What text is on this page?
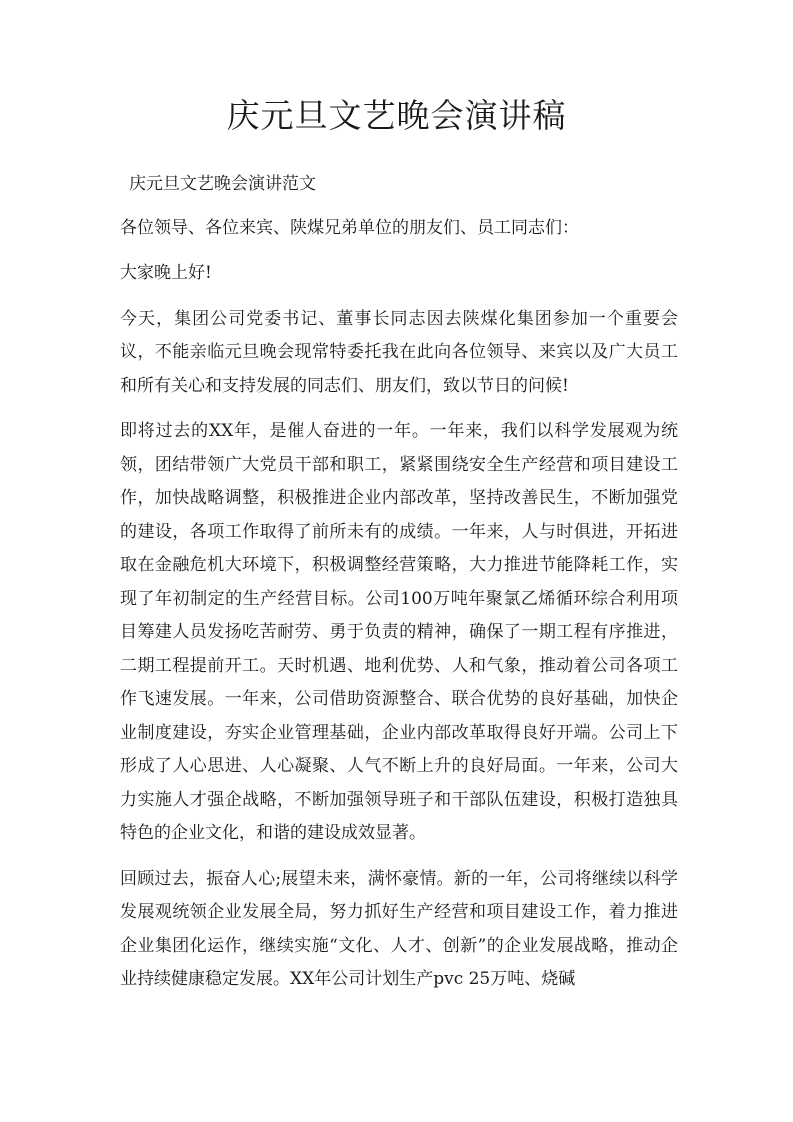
庆元旦文艺晚会演讲稿

庆元旦文艺晚会演讲范文

各位领导、各位来宾、陕煤兄弟单位的朋友们、员工同志们：

大家晚上好!

今天，集团公司党委书记、董事长同志因去陕煤化集团参加一个重要会议，不能亲临元旦晚会现常特委托我在此向各位领导、来宾以及广大员工和所有关心和支持发展的同志们、朋友们，致以节日的问候!

即将过去的XX年，是催人奋进的一年。一年来，我们以科学发展观为统领，团结带领广大党员干部和职工，紧紧围绕安全生产经营和项目建设工作，加快战略调整，积极推进企业内部改革，坚持改善民生，不断加强党的建设，各项工作取得了前所未有的成绩。一年来，人与时俱进，开拓进取在金融危机大环境下，积极调整经营策略，大力推进节能降耗工作，实现了年初制定的生产经营目标。公司100万吨年聚氯乙烯循环综合利用项目筹建人员发扬吃苦耐劳、勇于负责的精神，确保了一期工程有序推进，二期工程提前开工。天时机遇、地利优势、人和气象，推动着公司各项工作飞速发展。一年来，公司借助资源整合、联合优势的良好基础，加快企业制度建设，夯实企业管理基础，企业内部改革取得良好开端。公司上下形成了人心思进、人心凝聚、人气不断上升的良好局面。一年来，公司大力实施人才强企战略，不断加强领导班子和干部队伍建设，积极打造独具特色的企业文化，和谐的建设成效显著。

回顾过去，振奋人心;展望未来，满怀豪情。新的一年，公司将继续以科学发展观统领企业发展全局，努力抓好生产经营和项目建设工作，着力推进企业集团化运作，继续实施“文化、人才、创新”的企业发展战略，推动企业持续健康稳定发展。XX年公司计划生产pvc 25万吨、烧碱
